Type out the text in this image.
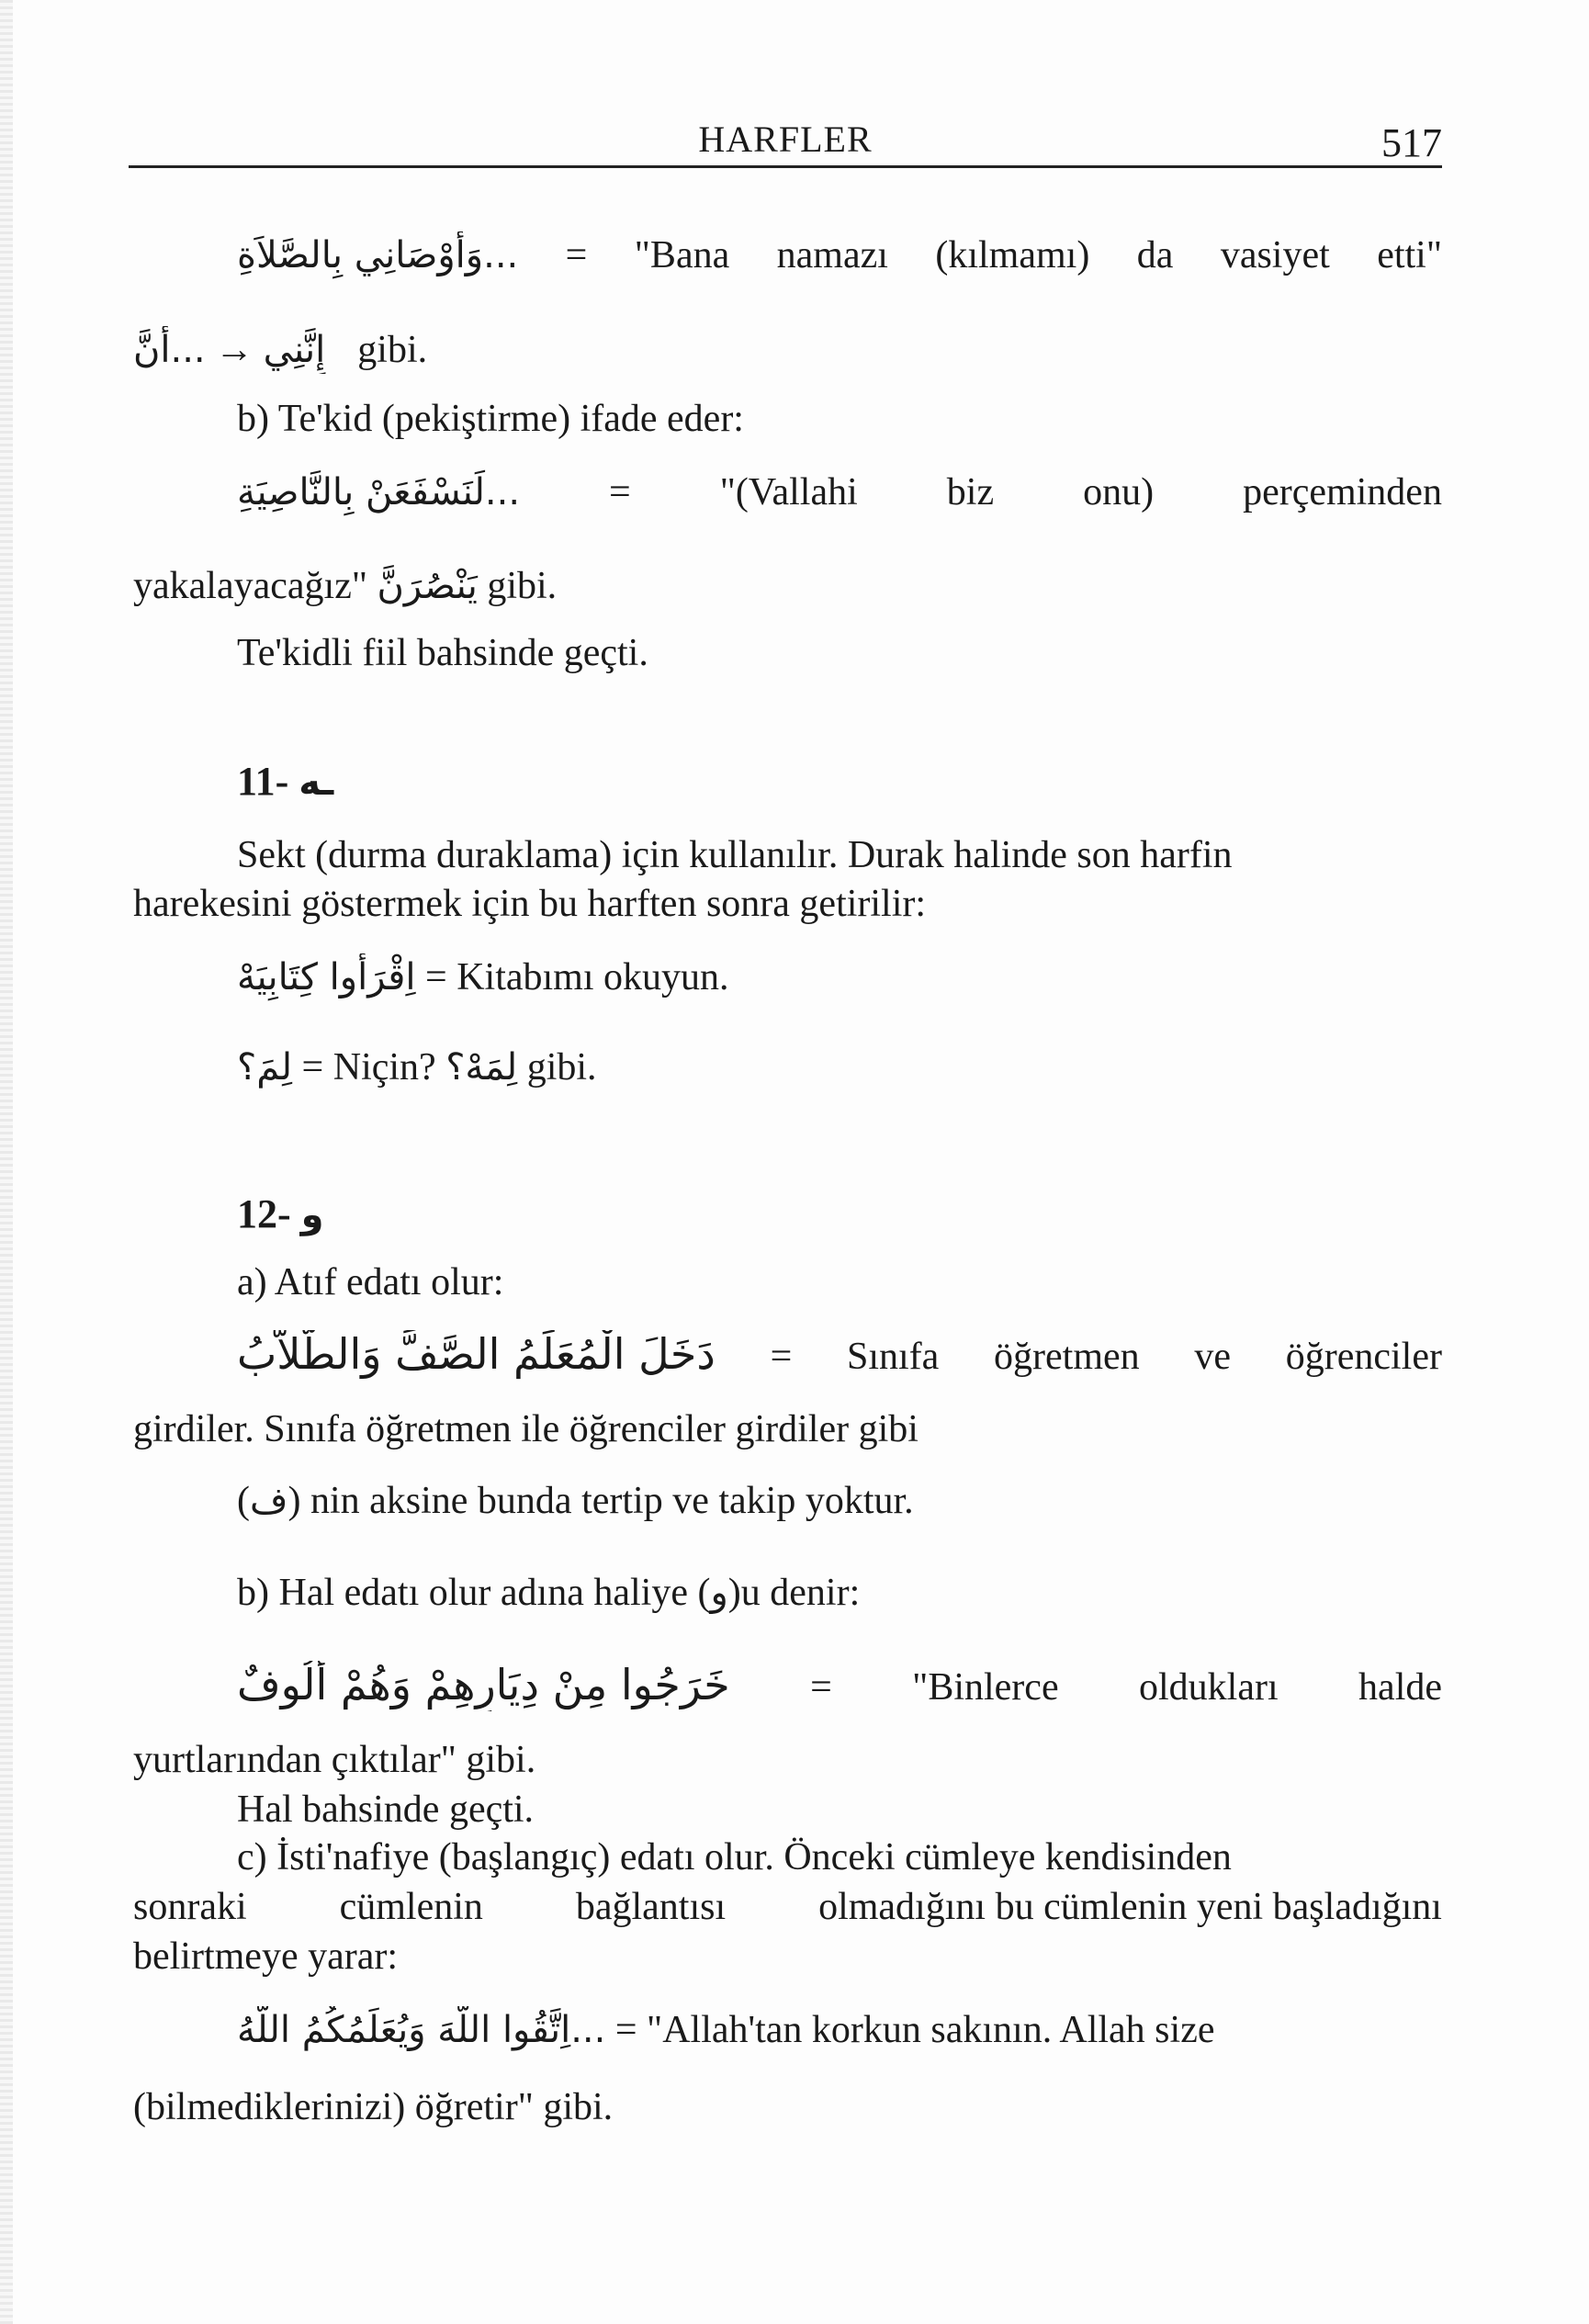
HARFLER	517
...وَأَوْصَانِي بِالصَّلاَةِ = "Bana namazı (kılmamı) da vasiyet etti"
...أَنَّ → إِنَّنِي gibi.
b) Te'kid (pekiştirme) ifade eder:
...لَنَسْفَعَنْ بِالنَّاصِيَةِ = "(Vallahi biz onu) perçeminden
yakalayacağız" يَنْصُرَنَّ gibi.
Te'kidli fiil bahsinde geçti.
11- ـه
Sekt (durma duraklama) için kullanılır. Durak halinde son harfin
harekesini göstermek için bu harften sonra getirilir:
اِقْرَأُوا كِتَابِيَهْ = Kitabımı okuyun.
لِمَ؟ = Niçin? لِمَهْ؟ gibi.
12- و
a) Atıf edatı olur:
دَخَلَ الْمُعَلِّمُ الصَّفَّ وَالطُّلاَّبُ = Sınıfa öğretmen ve öğrenciler
girdiler. Sınıfa öğretmen ile öğrenciler girdiler gibi
(ف) nin aksine bunda tertip ve takip yoktur.
b) Hal edatı olur adına haliye (و)u denir:
خَرَجُوا مِنْ دِيَارِهِمْ وَهُمْ أُلُوفٌ = "Binlerce oldukları halde
yurtlarından çıktılar" gibi.
Hal bahsinde geçti.
c) İsti'nafiye (başlangıç) edatı olur. Önceki cümleye kendisinden
sonraki cümlenin bağlantısı olmadığını bu cümlenin yeni başladığını
belirtmeye yarar:
...اِتَّقُوا اللَّهَ وَيُعَلِّمُكُمُ اللَّهُ = "Allah'tan korkun sakının. Allah size
(bilmediklerinizi) öğretir" gibi.
